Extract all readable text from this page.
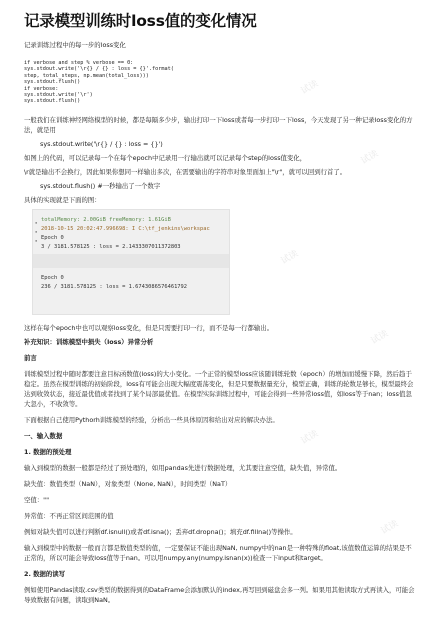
记录模型训练时loss值的变化情况

记录训练过程中的每一步的loss变化

if verbose and step % verbose == 0:
sys.stdout.write('\r{} / {} : loss = {}'.format(
step, total_steps, np.mean(total_loss)))
sys.stdout.flush()
if verbose:
sys.stdout.write('\r')
sys.stdout.flush()

一般我们在训练神经网络模型的时候，都是每隔多少步，输出打印一下loss或者每一步打印一下loss，今天发现了另一种记录loss变化的方法，就是用

sys.stdout.write('\r{} / {} : loss = {}')

如图上的代码，可以记录每一个在每个epoch中记录用一行输出就可以记录每个step的loss值变化，

\r就是输出不会换行，因此如果你想同一样输出多次，在需要输出的字符串对象里面加上"\r"，就可以回到行首了。

sys.stdout.flush() #一秒输出了一个数字

具体的实现就是下面的图：

▪
▪
▪
totalMemory: 2.00GiB freeMemory: 1.61GiB
2018-10-15 20:02:47.996698: I C:\tf_jenkins\workspac
Epoch 0
3 / 3181.578125 : loss = 2.1433307011372803
Epoch 0
236 / 3181.578125 : loss = 1.6743086576461792

这样在每个epoch中也可以观察loss变化，但是只需要打印一行，而不是每一行都输出。

补充知识：训练模型中损失（loss）异常分析

前言

训练模型过程中随时都要注意目标函数值(loss)的大小变化。一个正常的模型loss应该随训练轮数（epoch）的增加而缓慢下降，然后趋于稳定。虽然在模型训练的初始阶段，loss有可能会出现大幅度震荡变化，但是只要数据量充分，模型正确，训练的轮数足够长，模型最终会达到收敛状态，接近最优值或者找到了某个局部最优值。在模型实际训练过程中，可能会得到一些异常loss值，如loss等于nan；loss值忽大忽小，不收敛等。

下面根据自己使用Pythorh训练模型的经验，分析出一些具体原因和给出对应的解决办法。

一、输入数据

1. 数据的预处理

输入到模型的数据一般都是经过了预处理的，如用pandas先进行数据处理，尤其要注意空值，缺失值，异常值。

缺失值：数值类型（NaN），对象类型（None, NaN），时间类型（NaT）

空值：""

异常值：不再正常区间范围的值

例如对缺失值可以进行判断df.isnull()或者df.isna()；丢弃df.dropna()；填充df.fillna()等操作。

输入到模型中的数据一般而言都是数值类型的值，一定要保证不能出现NaN, numpy中的nan是一种特殊的float,该值数值运算的结果是不正常的，所以可能会导致loss值等于nan。可以用numpy.any(numpy.isnan(x))检查一下input和target。

2. 数据的读写

例如使用Pandas读取.csv类型的数据得到的DataFrame会添加默认的index,再写回到磁盘会多一列。如果用其他读取方式再读入，可能会导致数据有问题，读取到NaN。

试读
试读
试读
试读
试读
试读
